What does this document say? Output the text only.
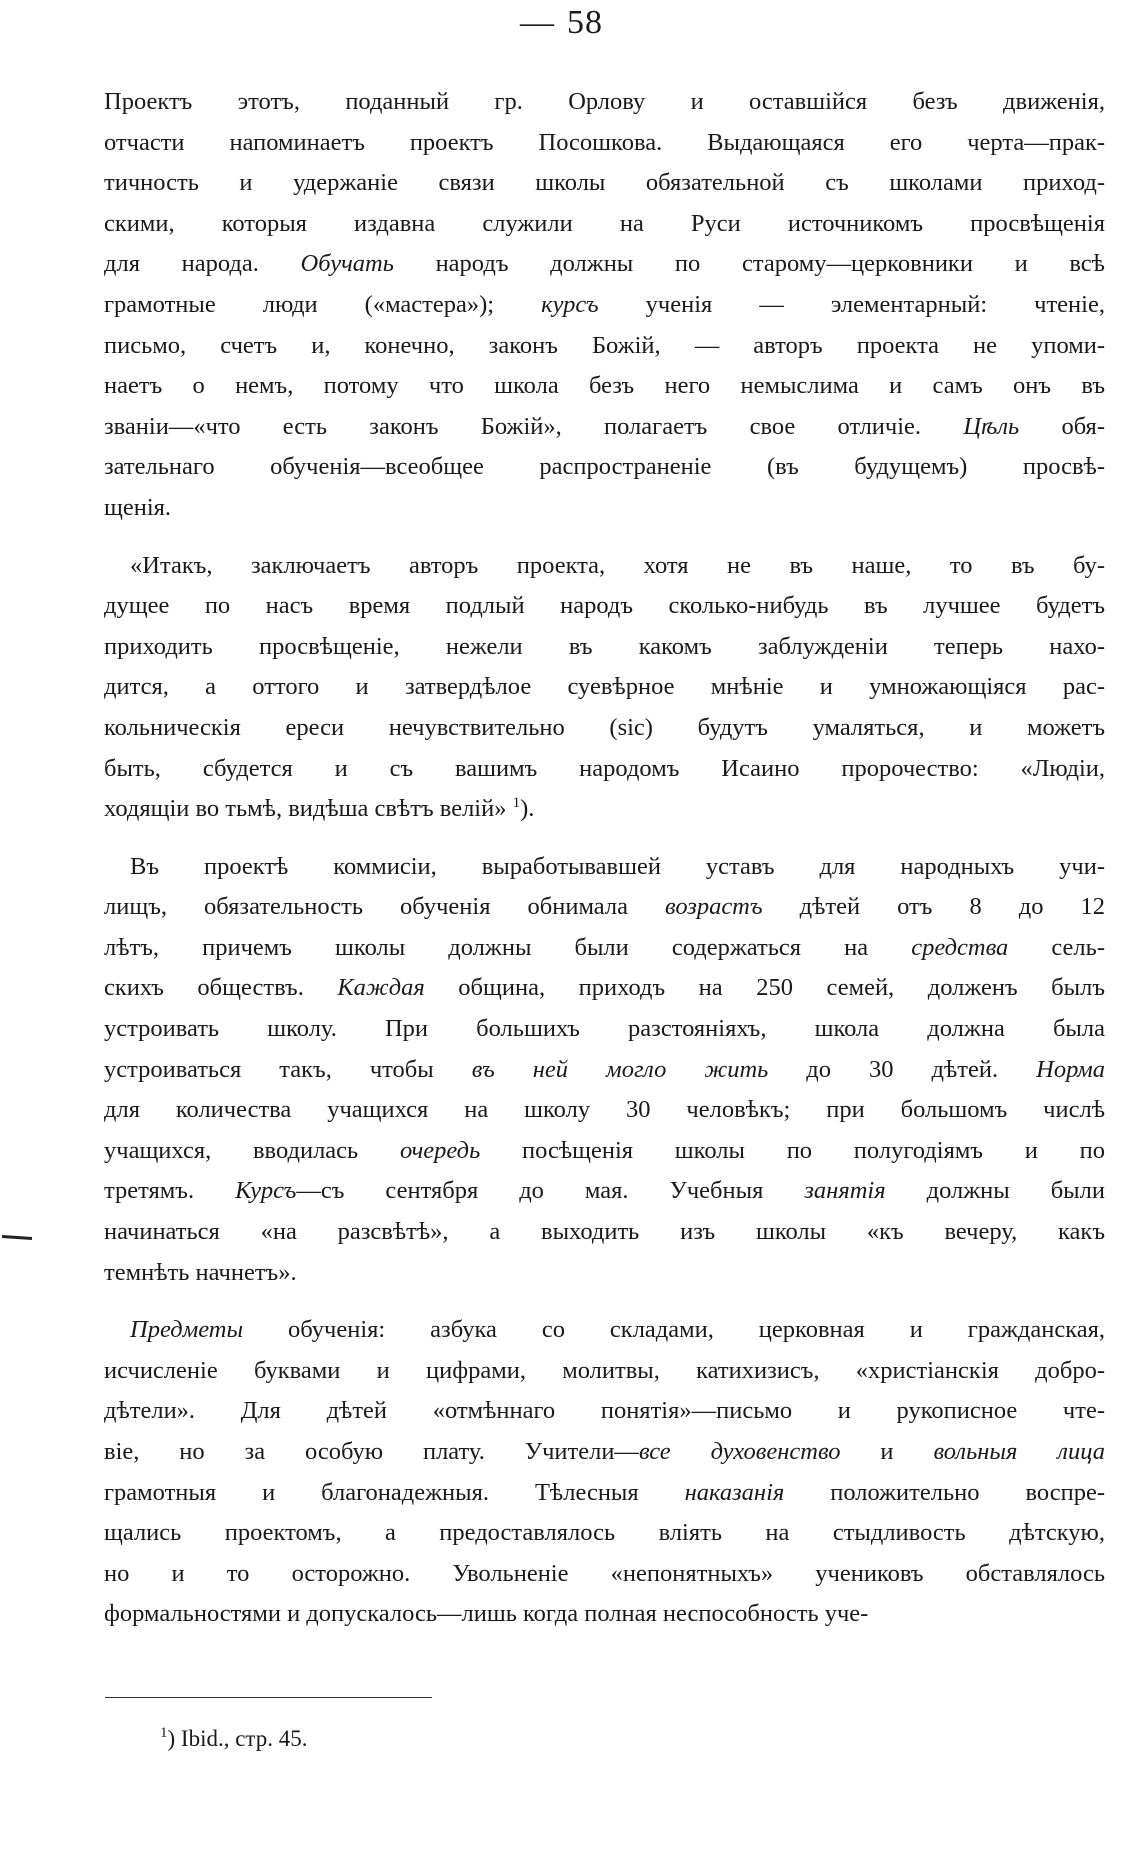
— 58
Проектъ этотъ, поданный гр. Орлову и оставшійся безъ движенія,
отчасти напоминаетъ проектъ Посошкова. Выдающаяся его черта—прак-
тичность и удержаніе связи школы обязательной съ школами приход-
скими, которыя издавна служили на Руси источникомъ просвѣщенія
для народа. Обучать народъ должны по старому—церковники и всѣ
грамотные люди («мастера»); курсъ ученія — элементарный: чтеніе,
письмо, счетъ и, конечно, законъ Божій, — авторъ проекта не упоми-
наетъ о немъ, потому что школа безъ него немыслима и самъ онъ въ
званіи—«что есть законъ Божій», полагаетъ свое отличіе. Цѣль обя-
зательнаго обученія—всеобщее распространеніе (въ будущемъ) просвѣ-
щенія.
«Итакъ, заключаетъ авторъ проекта, хотя не въ нашe, то въ бу-
дущее по насъ время подлый народъ сколько-нибудь въ лучшее будетъ
приходить просвѣщеніе, нежели въ какомъ заблужденіи теперь нахо-
дится, а оттого и затвердѣлое суевѣрное мнѣніе и умножающіяся рас-
кольническія ереси нечувствительно (sic) будутъ умаляться, и можетъ
быть, сбудется и съ вашимъ народомъ Исаино пророчество: «Людіи,
ходящіи во тьмѣ, видѣша свѣтъ велій» $^1$).
Въ проектѣ коммисіи, выработывавшей уставъ для народныхъ учи-
лищъ, обязательность обученія обнимала возрастъ дѣтей отъ 8 до 12
лѣтъ, причемъ школы должны были содержаться на средства сель-
скихъ обществъ. Каждая община, приходъ на 250 семей, долженъ былъ
устроивать школу. При большихъ разстояніяхъ, школа должна была
устроиваться такъ, чтобы въ ней могло жить до 30 дѣтей. Норма
для количества учащихся на школу 30 человѣкъ; при большомъ числѣ
учащихся, вводилась очередь посѣщенія школы по полугодіямъ и по
третямъ. Курсъ—съ сентября до мая. Учебныя занятія должны были
начинаться «на разсвѣтѣ», а выходить изъ школы «къ вечеру, какъ
темнѣть начнетъ».
Предметы обученія: азбука со складами, церковная и гражданская,
исчисленіе буквами и цифрами, молитвы, катихизисъ, «христіанскія добро-
дѣтели». Для дѣтей «отмѣннаго понятія»—письмо и рукописное чте-
віе, но за особую плату. Учители—все духовенство и вольныя лица
грамотныя и благонадежныя. Тѣлесныя наказанія положительно воспре-
щались проектомъ, а предоставлялось вліять на стыдливость дѣтскую,
но и то осторожно. Увольненіе «непонятныхъ» учениковъ обставлялось
формальностями и допускалось—лишь когда полная неспособность уче-
$^1$) Ibid., стр. 45.
